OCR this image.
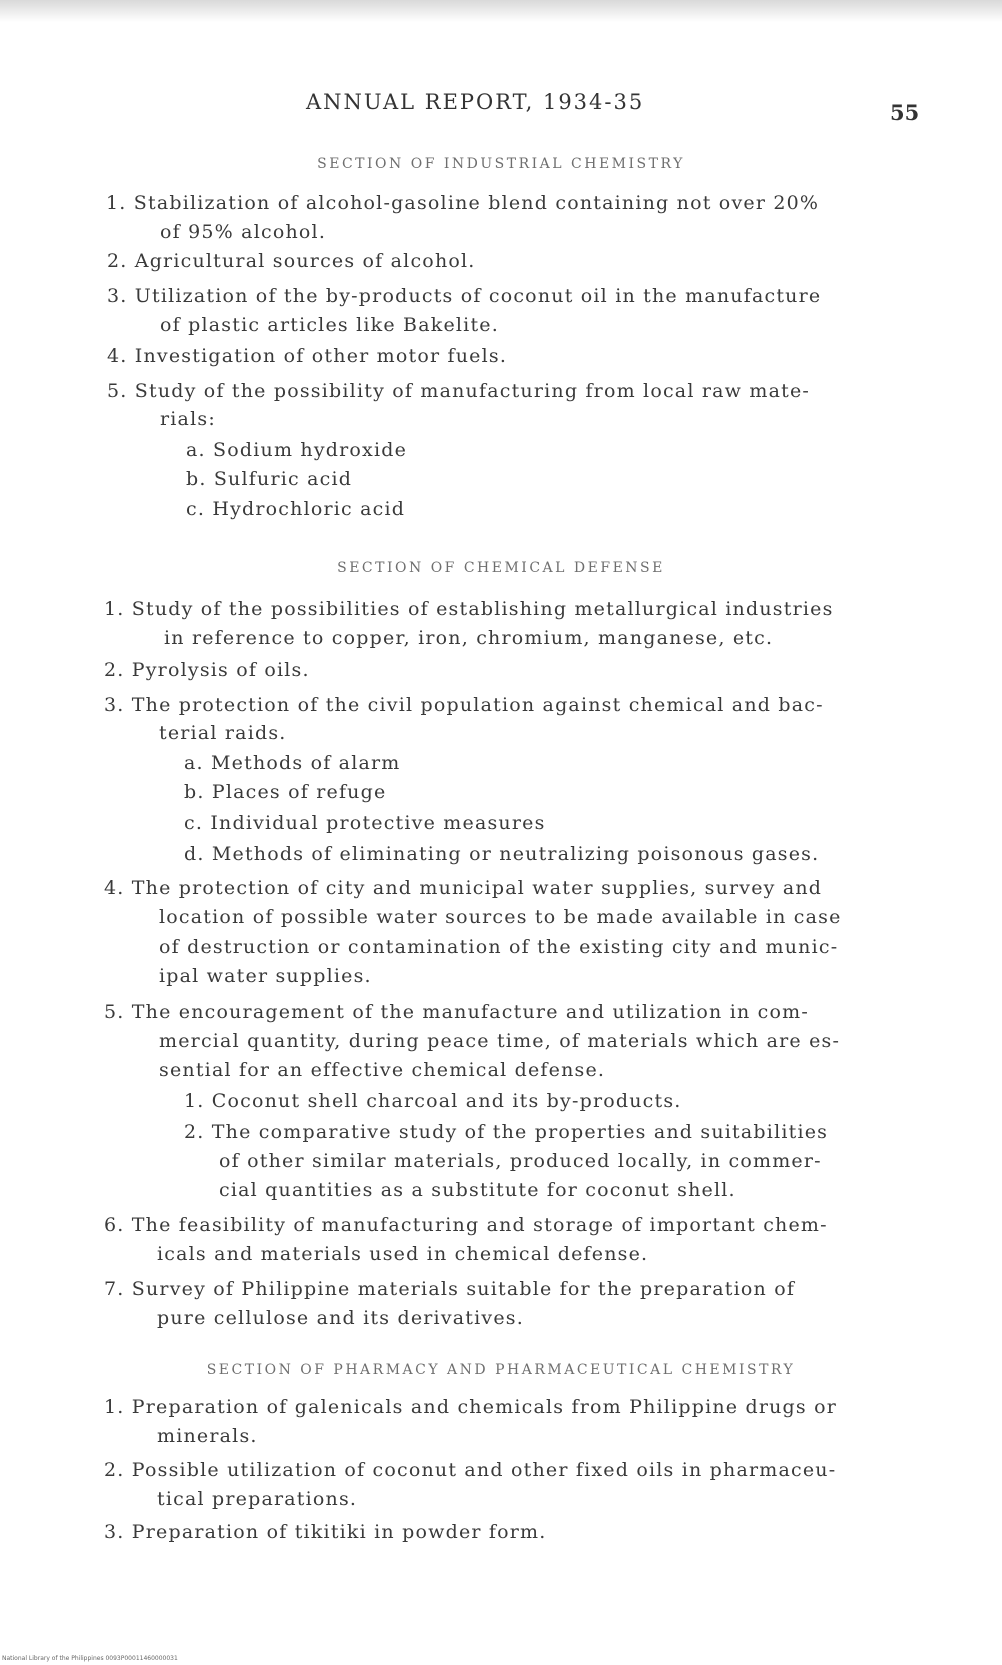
ANNUAL REPORT, 1934-35	55
SECTION OF INDUSTRIAL CHEMISTRY
1. Stabilization of alcohol-gasoline blend containing not over 20%
of 95% alcohol.
2. Agricultural sources of alcohol.
3. Utilization of the by-products of coconut oil in the manufacture
of plastic articles like Bakelite.
4. Investigation of other motor fuels.
5. Study of the possibility of manufacturing from local raw mate-
rials:
a. Sodium hydroxide
b. Sulfuric acid
c. Hydrochloric acid
SECTION OF CHEMICAL DEFENSE
1. Study of the possibilities of establishing metallurgical industries
in reference to copper, iron, chromium, manganese, etc.
2. Pyrolysis of oils.
3. The protection of the civil population against chemical and bac-
terial raids.
a. Methods of alarm
b. Places of refuge
c. Individual protective measures
d. Methods of eliminating or neutralizing poisonous gases.
4. The protection of city and municipal water supplies, survey and
location of possible water sources to be made available in case
of destruction or contamination of the existing city and munic-
ipal water supplies.
5. The encouragement of the manufacture and utilization in com-
mercial quantity, during peace time, of materials which are es-
sential for an effective chemical defense.
1. Coconut shell charcoal and its by-products.
2. The comparative study of the properties and suitabilities
of other similar materials, produced locally, in commer-
cial quantities as a substitute for coconut shell.
6. The feasibility of manufacturing and storage of important chem-
icals and materials used in chemical defense.
7. Survey of Philippine materials suitable for the preparation of
pure cellulose and its derivatives.
SECTION OF PHARMACY AND PHARMACEUTICAL CHEMISTRY
1. Preparation of galenicals and chemicals from Philippine drugs or
minerals.
2. Possible utilization of coconut and other fixed oils in pharmaceu-
tical preparations.
3. Preparation of tikitiki in powder form.
National Library of the Philippines 0093P00011460000031
